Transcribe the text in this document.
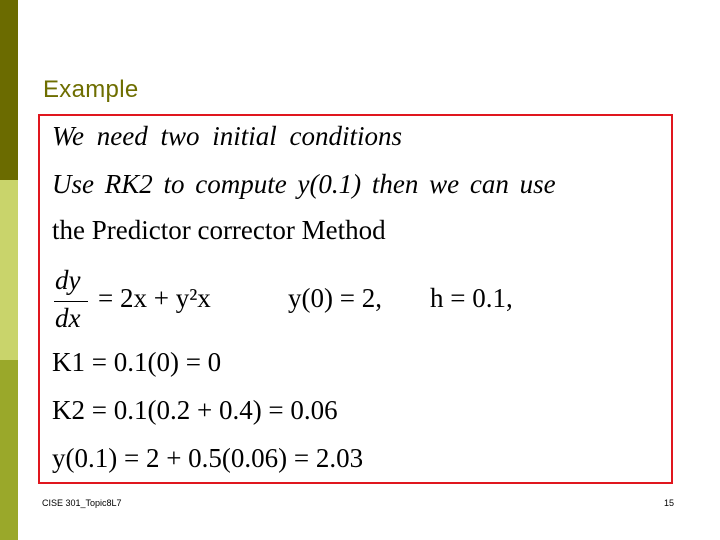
Example
We need two initial conditions
Use RK2 to compute y(0.1) then we can use
the Predictor corrector Method
dy
dx
= 2x + y²x	y(0) = 2, h = 0.1,
K1 = 0.1(0) = 0
K2 = 0.1(0.2 + 0.4) = 0.06
y(0.1) = 2 + 0.5(0.06) = 2.03
CISE 301_Topic8L7	15
